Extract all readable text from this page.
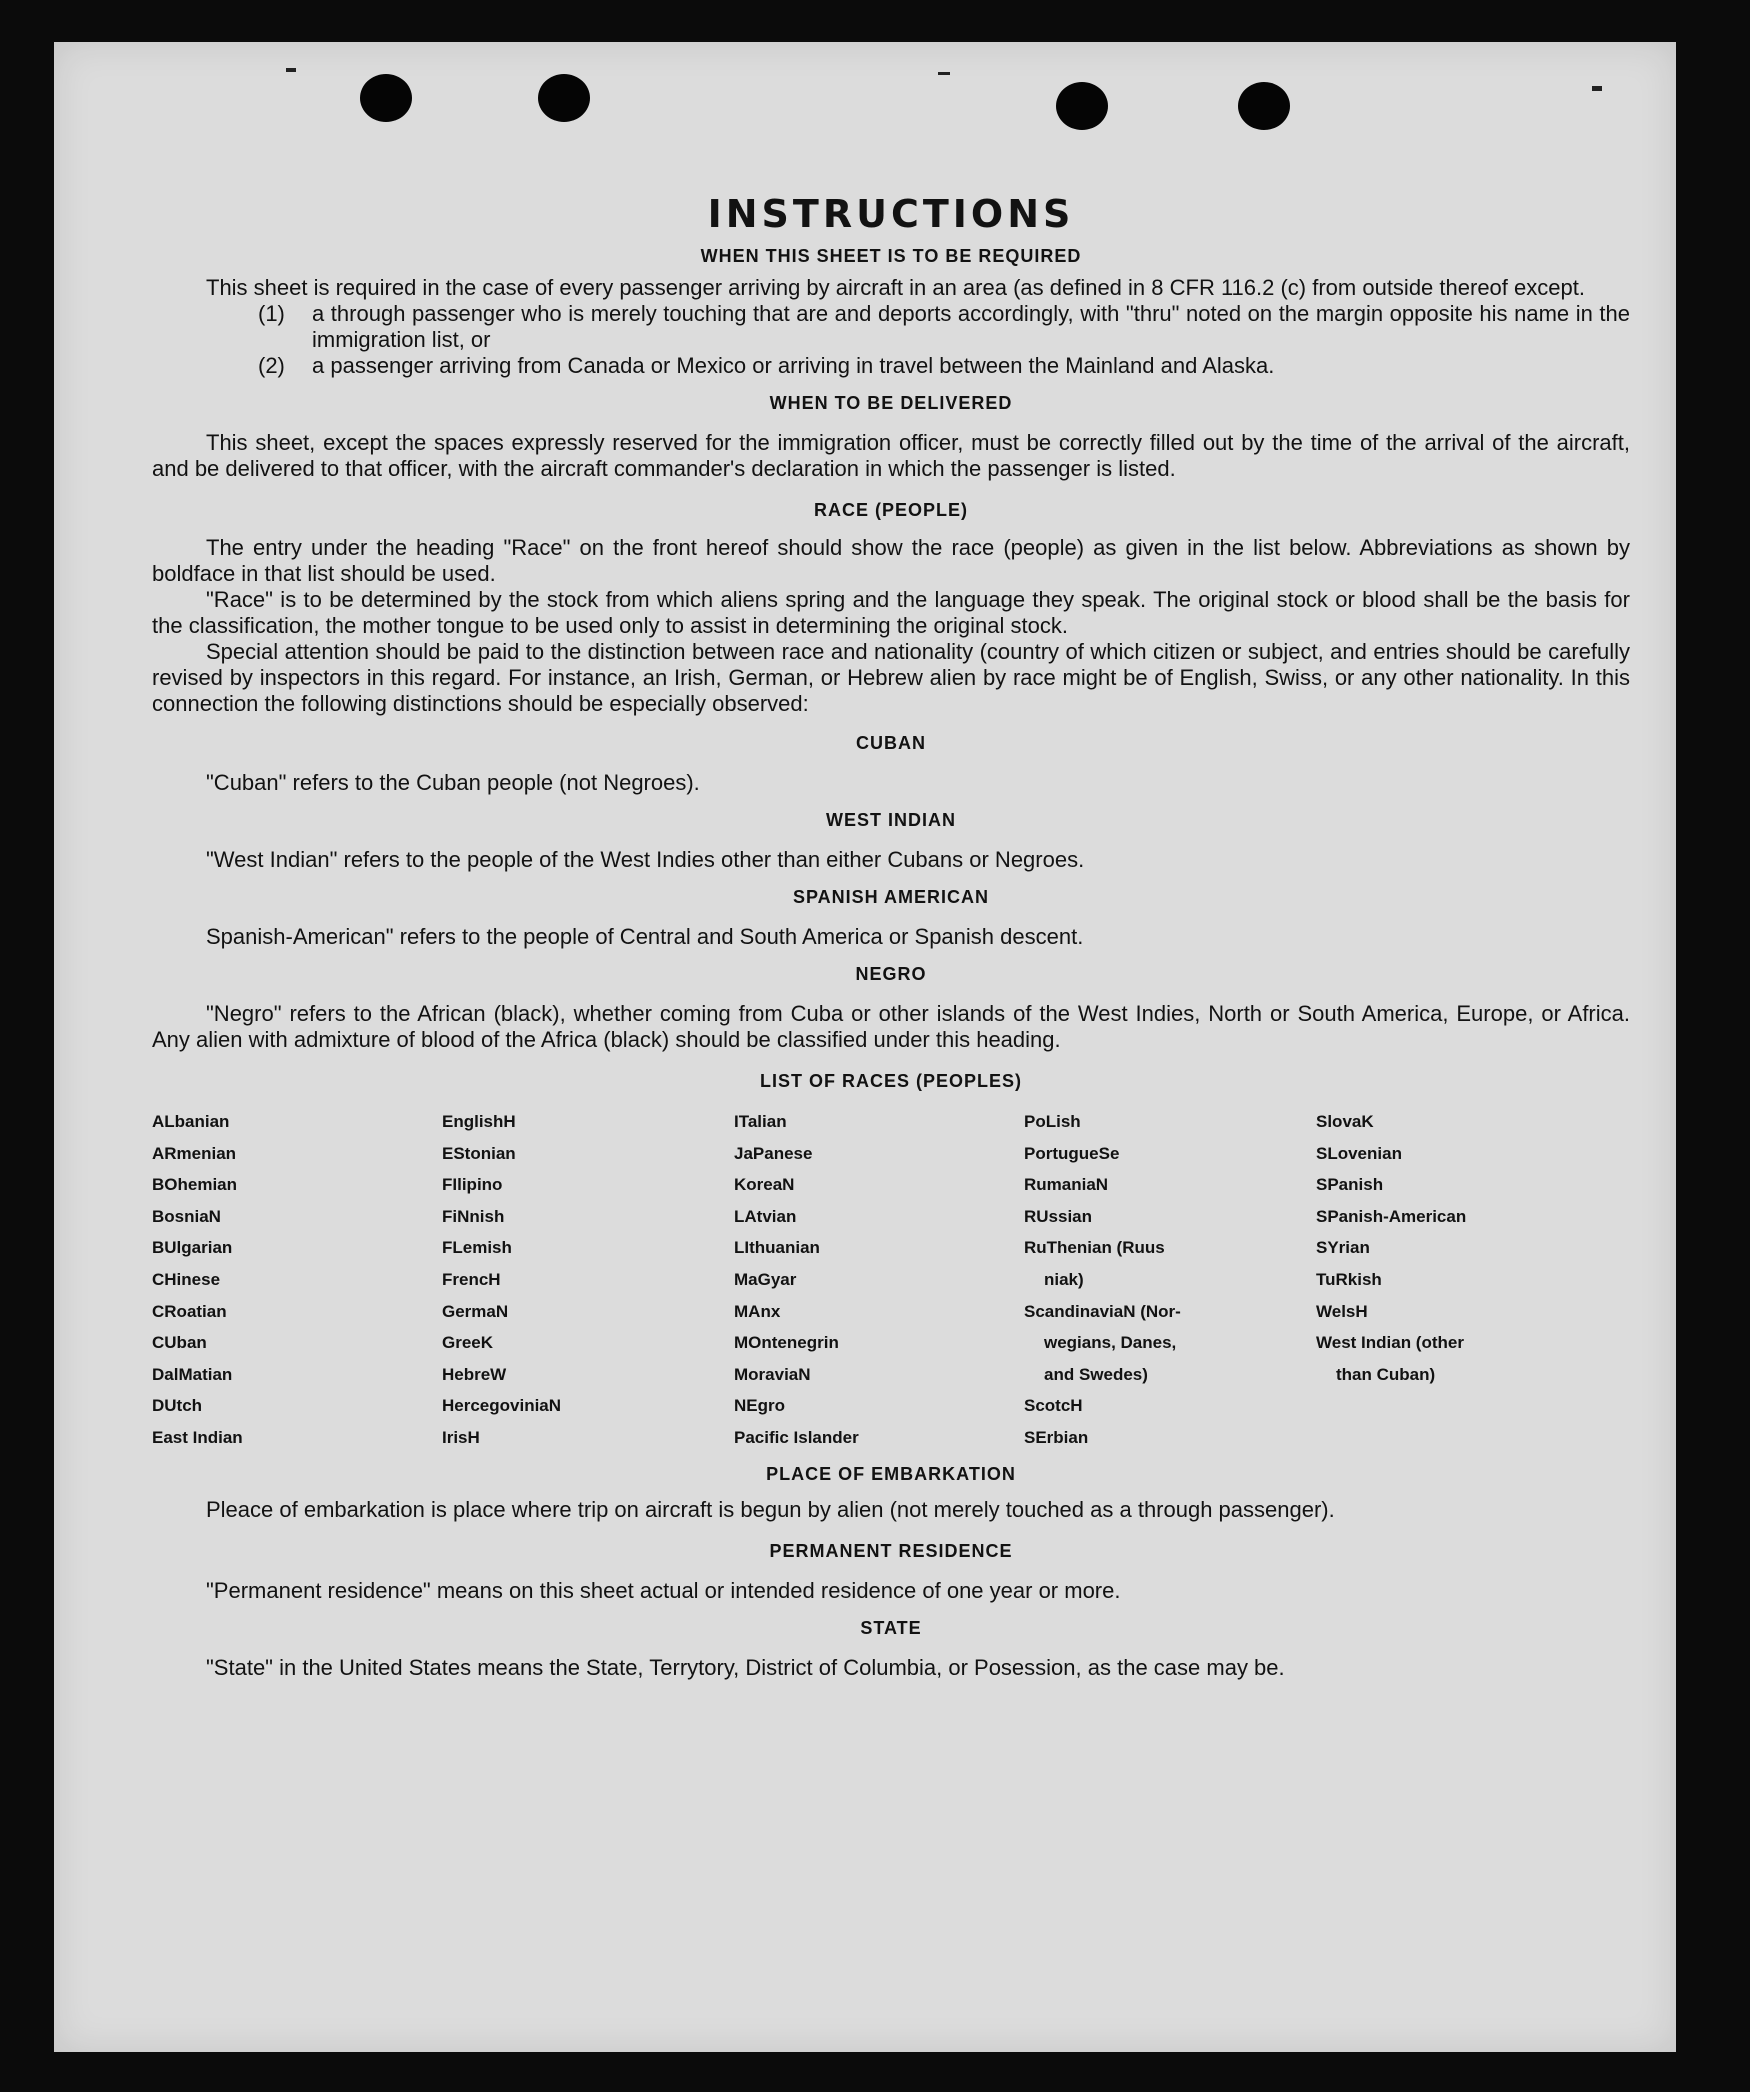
INSTRUCTIONS
WHEN THIS SHEET IS TO BE REQUIRED

This sheet is required in the case of every passenger arriving by aircraft in an area (as defined in 8 CFR 116.2 (c) from outside thereof except.

(1)	a through passenger who is merely touching that are and deports accordingly, with "thru" noted on the margin opposite his name in the immigration list, or
(2)	a passenger arriving from Canada or Mexico or arriving in travel between the Mainland and Alaska.
WHEN TO BE DELIVERED

This sheet, except the spaces expressly reserved for the immigration officer, must be correctly filled out by the time of the arrival of the aircraft, and be delivered to that officer, with the aircraft commander's declaration in which the passenger is listed.

RACE (PEOPLE)

The entry under the heading "Race" on the front hereof should show the race (people) as given in the list below. Abbreviations as shown by boldface in that list should be used.

"Race" is to be determined by the stock from which aliens spring and the language they speak. The original stock or blood shall be the basis for the classification, the mother tongue to be used only to assist in determining the original stock.

Special attention should be paid to the distinction between race and nationality (country of which citizen or subject, and entries should be carefully revised by inspectors in this regard. For instance, an Irish, German, or Hebrew alien by race might be of English, Swiss, or any other nationality. In this connection the following distinctions should be especially observed:

CUBAN

"Cuban" refers to the Cuban people (not Negroes).

WEST INDIAN

"West Indian" refers to the people of the West Indies other than either Cubans or Negroes.

SPANISH AMERICAN

Spanish-American" refers to the people of Central and South America or Spanish descent.

NEGRO

"Negro" refers to the African (black), whether coming from Cuba or other islands of the West Indies, North or South America, Europe, or Africa. Any alien with admixture of blood of the Africa (black) should be classified under this heading.

LIST OF RACES (PEOPLES)
ALbanian
ARmenian
BOhemian
BosniaN
BUlgarian
CHinese
CRoatian
CUban
DalMatian
DUtch
East Indian
EnglishH
EStonian
FIlipino
FiNnish
FLemish
FrencH
GermaN
GreeK
HebreW
HercegoviniaN
IrisH
ITalian
JaPanese
KoreaN
LAtvian
LIthuanian
MaGyar
MAnx
MOntenegrin
MoraviaN
NEgro
Pacific Islander
PoLish
PortugueSe
RumaniaN
RUssian
RuThenian (Ruus
niak)
ScandinaviaN (Nor-
wegians, Danes,
and Swedes)
ScotcH
SErbian
SlovaK
SLovenian
SPanish
SPanish-American
SYrian
TuRkish
WelsH
West Indian (other
than Cuban)
PLACE OF EMBARKATION

Pleace of embarkation is place where trip on aircraft is begun by alien (not merely touched as a through passenger).

PERMANENT RESIDENCE

"Permanent residence" means on this sheet actual or intended residence of one year or more.

STATE

"State" in the United States means the State, Terrytory, District of Columbia, or Posession, as the case may be.
